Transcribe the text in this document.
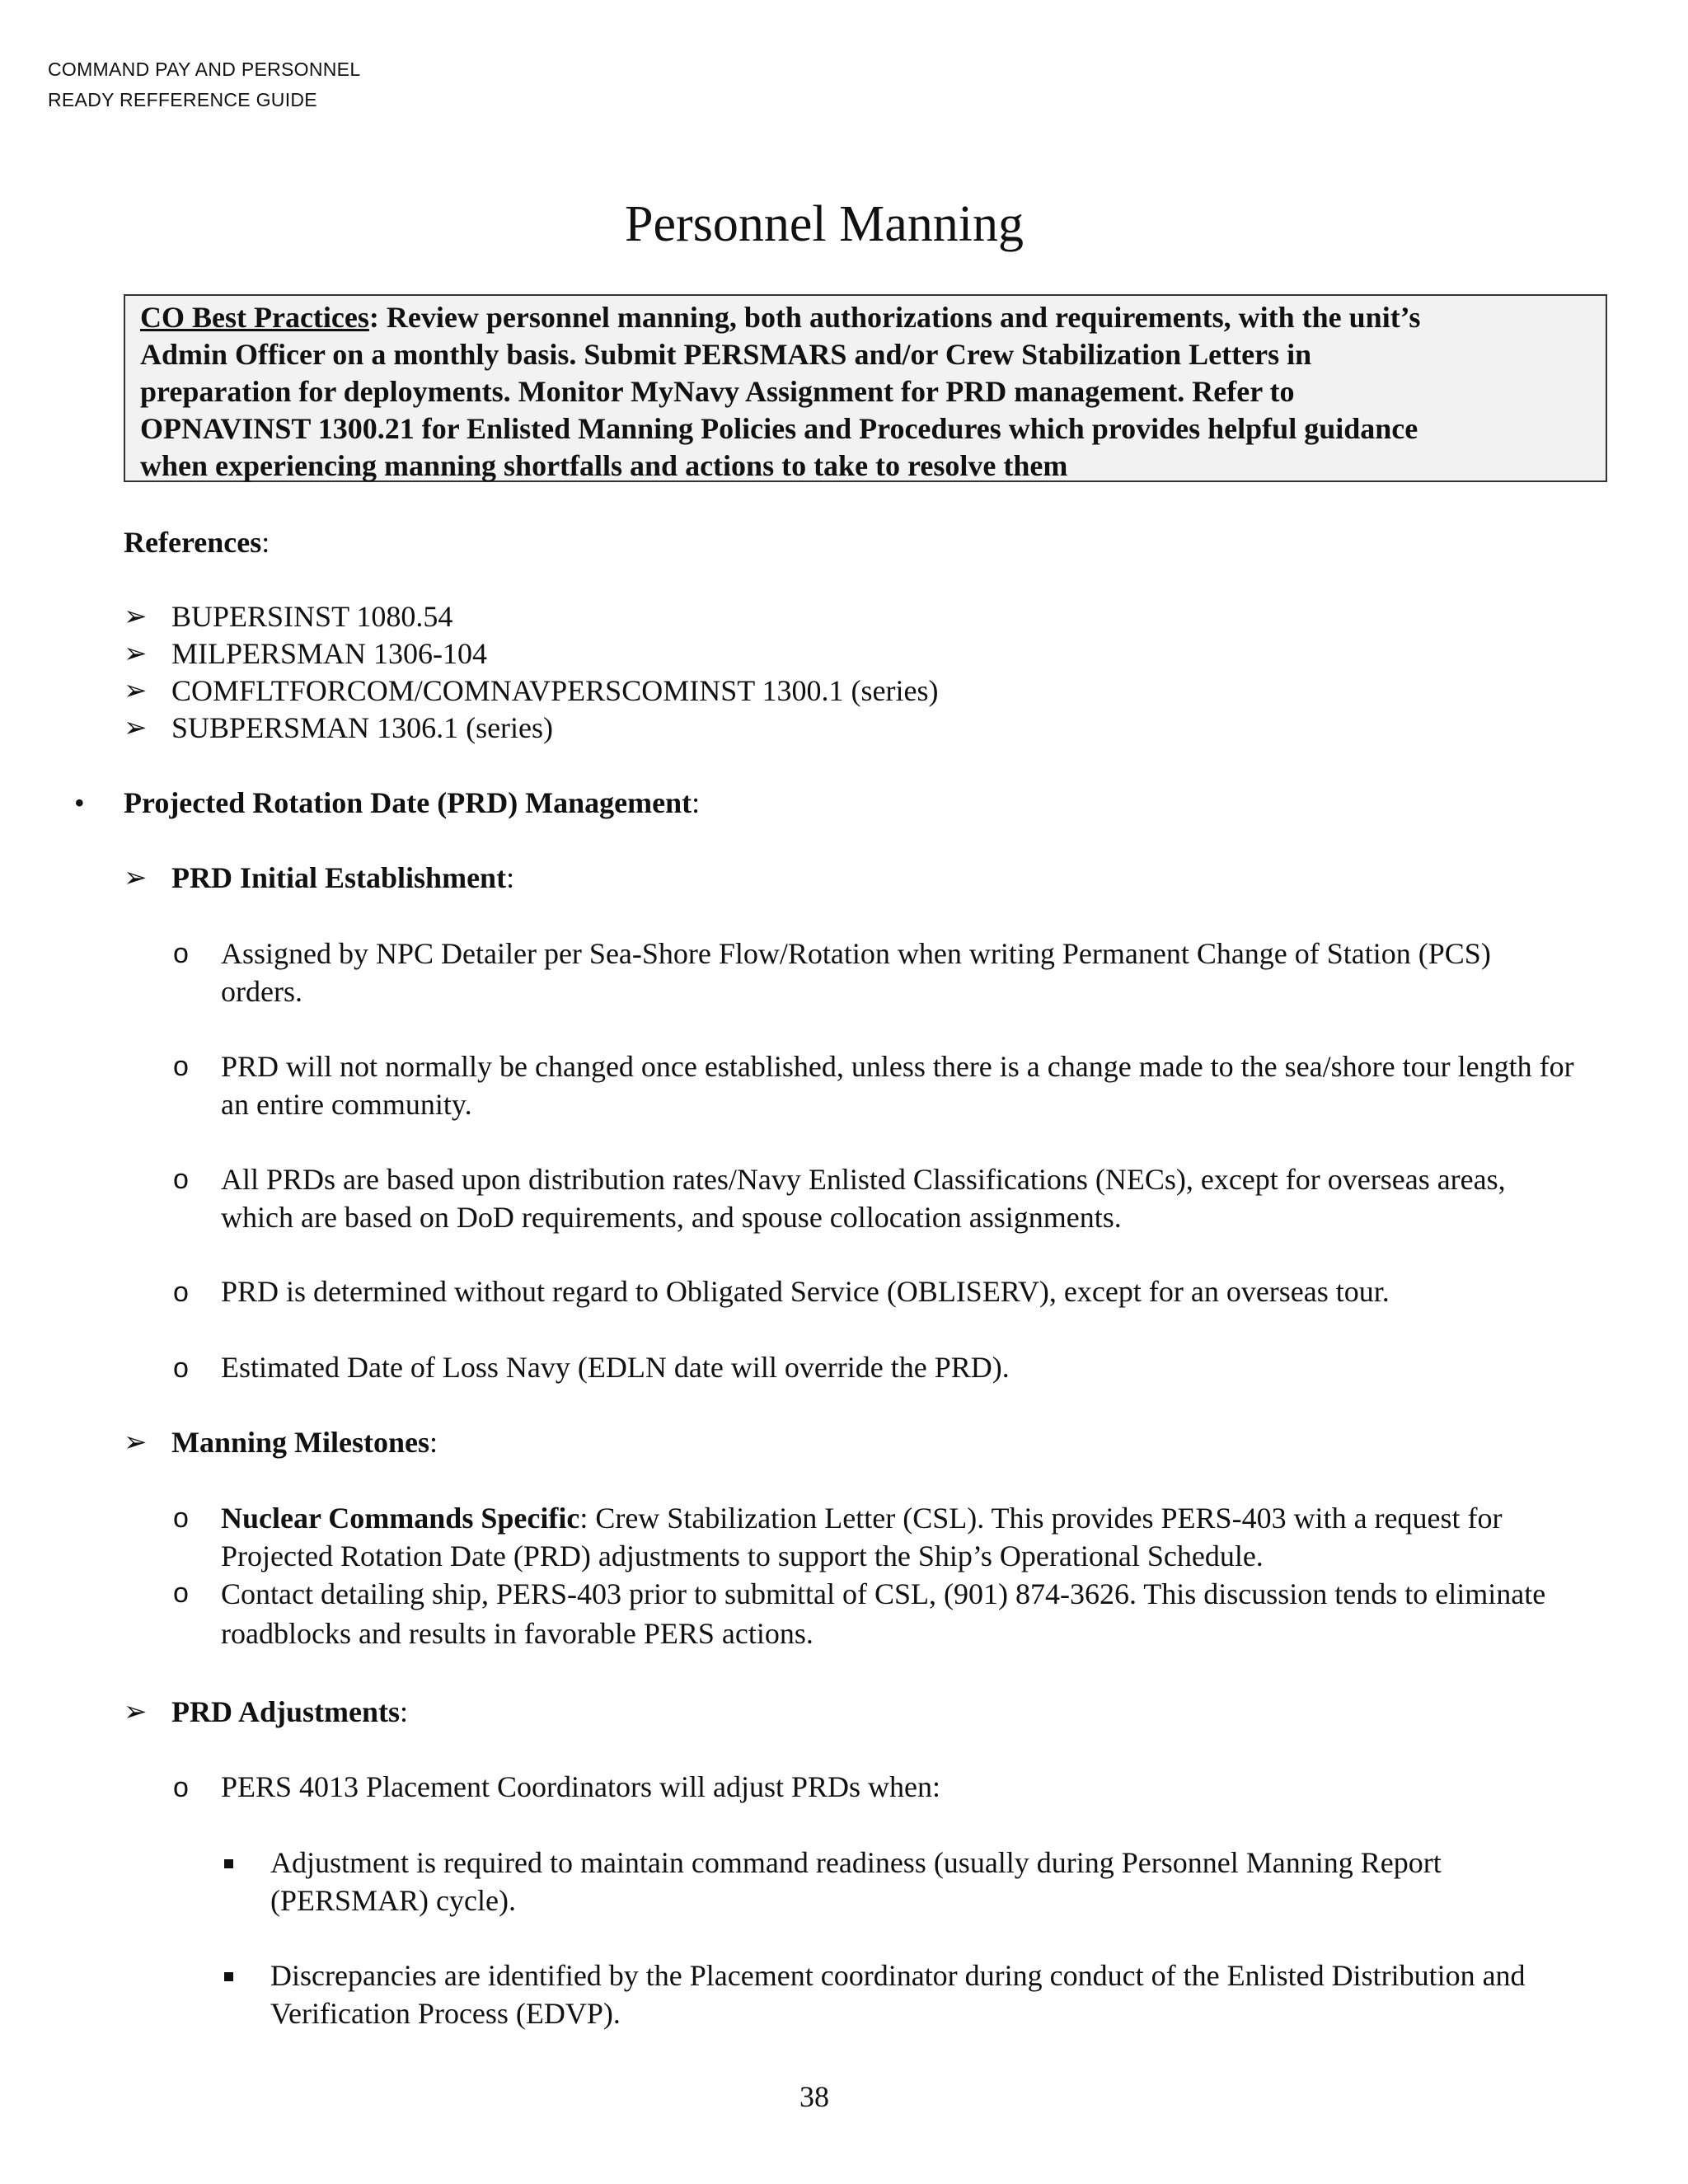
COMMAND PAY AND PERSONNEL
READY REFFERENCE GUIDE
Personnel Manning
CO Best Practices: Review personnel manning, both authorizations and requirements, with the unit’s
Admin Officer on a monthly basis. Submit PERSMARS and/or Crew Stabilization Letters in
preparation for deployments. Monitor MyNavy Assignment for PRD management. Refer to
OPNAVINST 1300.21 for Enlisted Manning Policies and Procedures which provides helpful guidance
when experiencing manning shortfalls and actions to take to resolve them
References:
➢ BUPERSINST 1080.54
➢ MILPERSMAN 1306-104
➢ COMFLTFORCOM/COMNAVPERSCOMINST 1300.1 (series)
➢ SUBPERSMAN 1306.1 (series)
• Projected Rotation Date (PRD) Management:
➢ PRD Initial Establishment:
o Assigned by NPC Detailer per Sea-Shore Flow/Rotation when writing Permanent Change of Station (PCS) orders.
o PRD will not normally be changed once established, unless there is a change made to the sea/shore tour length for an entire community.
o All PRDs are based upon distribution rates/Navy Enlisted Classifications (NECs), except for overseas areas, which are based on DoD requirements, and spouse collocation assignments.
o PRD is determined without regard to Obligated Service (OBLISERV), except for an overseas tour.
o Estimated Date of Loss Navy (EDLN date will override the PRD).
➢ Manning Milestones:
o Nuclear Commands Specific: Crew Stabilization Letter (CSL). This provides PERS-403 with a request for Projected Rotation Date (PRD) adjustments to support the Ship’s Operational Schedule.
o Contact detailing ship, PERS-403 prior to submittal of CSL, (901) 874-3626. This discussion tends to eliminate roadblocks and results in favorable PERS actions.
➢ PRD Adjustments:
o PERS 4013 Placement Coordinators will adjust PRDs when:
Adjustment is required to maintain command readiness (usually during Personnel Manning Report (PERSMAR) cycle).
Discrepancies are identified by the Placement coordinator during conduct of the Enlisted Distribution and Verification Process (EDVP).
38
